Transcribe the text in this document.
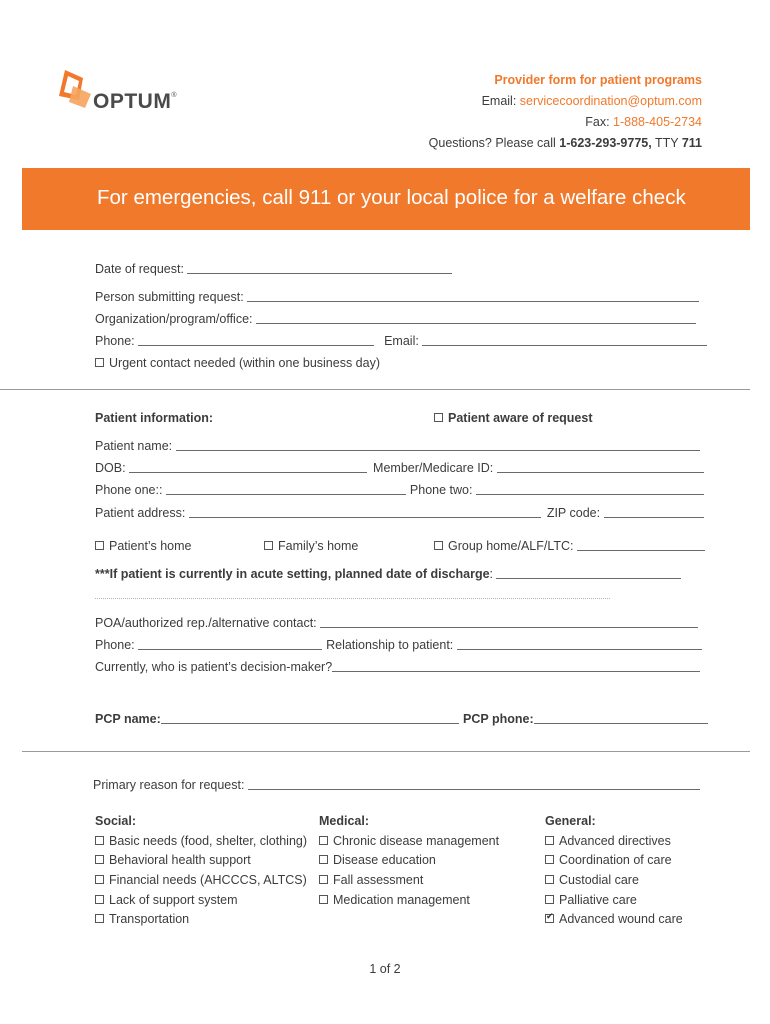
OPTUM®
Provider form for patient programs
Email: servicecoordination@optum.com
Fax: 1-888-405-2734
Questions? Please call 1-623-293-9775, TTY 711
For emergencies, call 911 or your local police for a welfare check
Date of request:
Person submitting request:
Organization/program/office:
Phone:	Email:
Urgent contact needed (within one business day)
Patient information:	Patient aware of request
Patient name:
DOB:	Member/Medicare ID:
Phone one::	Phone two:
Patient address:	ZIP code:
Patient’s home	Family’s home	Group home/ALF/LTC:
***If patient is currently in acute setting, planned date of discharge:
POA/authorized rep./alternative contact:
Phone:	Relationship to patient:
Currently, who is patient’s decision-maker?
PCP name:	PCP phone:
Primary reason for request:
Social:
Basic needs (food, shelter, clothing)
Behavioral health support
Financial needs (AHCCCS, ALTCS)
Lack of support system
Transportation
Medical:
Chronic disease management
Disease education
Fall assessment
Medication management
General:
Advanced directives
Coordination of care
Custodial care
Palliative care
✔Advanced wound care
1 of 2
